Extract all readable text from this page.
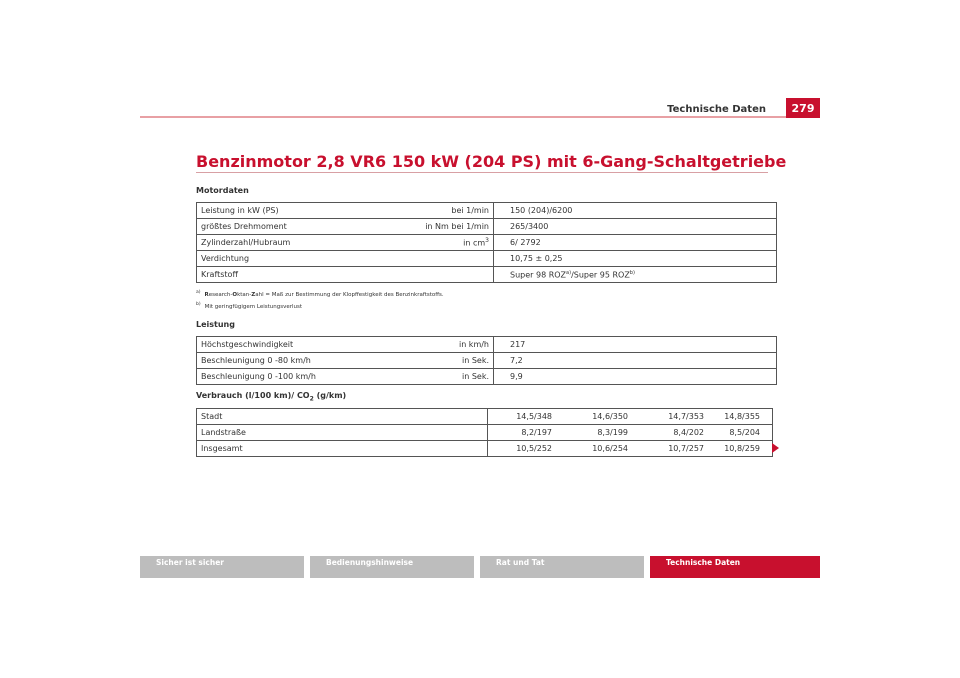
Technische Daten	279
Benzinmotor 2,8 VR6 150 kW (204 PS) mit 6-Gang-Schaltgetriebe
Motordaten
Leistung in kW (PS)	bei 1/min	150 (204)/6200
größtes Drehmoment	in Nm bei 1/min	265/3400
Zylinderzahl/Hubraum	in $cm^3$	6/ 2792
Verdichtung		10,75 ± 0,25
Kraftstoff		Super 98 ROZ$^{a)}$/Super 95 ROZ$^{b)}$
$^{a)}$ Research-Oktan-Zahl = Maß zur Bestimmung der Klopffestigkeit des Benzinkraftstoffs.
$^{b)}$ Mit geringfügigem Leistungsverlust
Leistung
Höchstgeschwindigkeit	in km/h	217
Beschleunigung 0 -80 km/h	in Sek.	7,2
Beschleunigung 0 -100 km/h	in Sek.	9,9
Verbrauch (l/100 km)/ $CO_2$ (g/km)
Stadt	14,5/348	14,6/350	14,7/353	14,8/355
Landstraße	8,2/197	8,3/199	8,4/202	8,5/204
Insgesamt	10,5/252	10,6/254	10,7/257	10,8/259
Sicher ist sicher	Bedienungshinweise	Rat und Tat	Technische Daten
